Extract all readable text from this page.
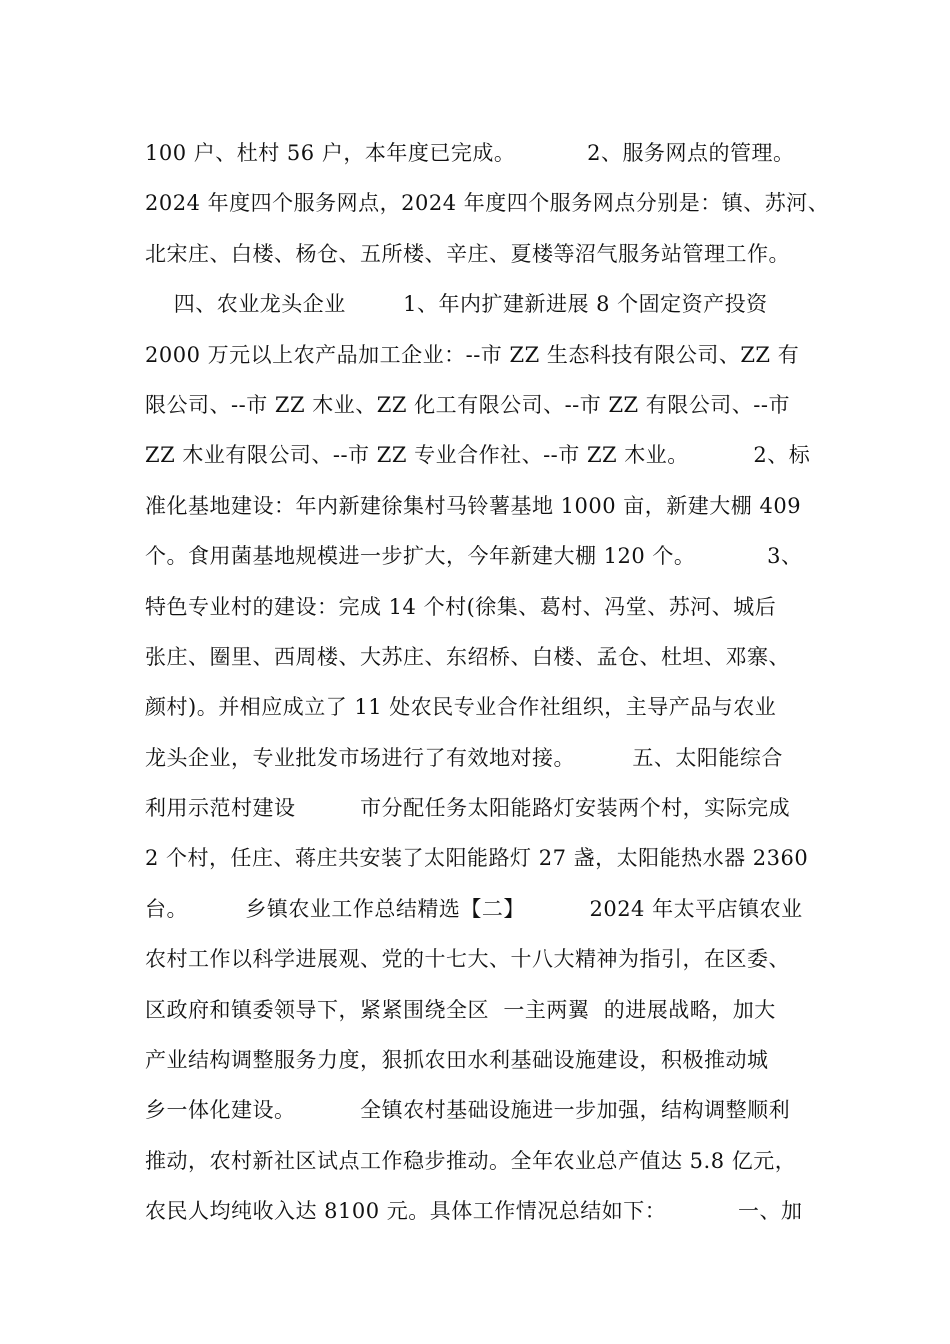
100 户、杜村 56 户，本年度已完成。          2、服务网点的管理。
2024 年度四个服务网点，2024 年度四个服务网点分别是：镇、苏河、
北宋庄、白楼、杨仓、五所楼、辛庄、夏楼等沼气服务站管理工作。
四、农业龙头企业        1、年内扩建新进展 8 个固定资产投资
2000 万元以上农产品加工企业：--市 ZZ 生态科技有限公司、ZZ 有
限公司、--市 ZZ 木业、ZZ 化工有限公司、--市 ZZ 有限公司、--市
ZZ 木业有限公司、--市 ZZ 专业合作社、--市 ZZ 木业。         2、标
准化基地建设：年内新建徐集村马铃薯基地 1000 亩，新建大棚 409
个。食用菌基地规模进一步扩大，今年新建大棚 120 个。          3、
特色专业村的建设：完成 14 个村(徐集、葛村、冯堂、苏河、城后
张庄、圈里、西周楼、大苏庄、东绍桥、白楼、孟仓、杜坦、邓寨、
颜村)。并相应成立了 11 处农民专业合作社组织，主导产品与农业
龙头企业，专业批发市场进行了有效地对接。        五、太阳能综合
利用示范村建设         市分配任务太阳能路灯安装两个村，实际完成
2 个村，任庄、蒋庄共安装了太阳能路灯 27 盏，太阳能热水器 2360
台。        乡镇农业工作总结精选【二】         2024 年太平店镇农业
农村工作以科学进展观、党的十七大、十八大精神为指引，在区委、
区政府和镇委领导下，紧紧围绕全区  一主两翼  的进展战略，加大
产业结构调整服务力度，狠抓农田水利基础设施建设，积极推动城
乡一体化建设。         全镇农村基础设施进一步加强，结构调整顺利
推动，农村新社区试点工作稳步推动。全年农业总产值达 5.8 亿元，
农民人均纯收入达 8100 元。具体工作情况总结如下：          一、加
